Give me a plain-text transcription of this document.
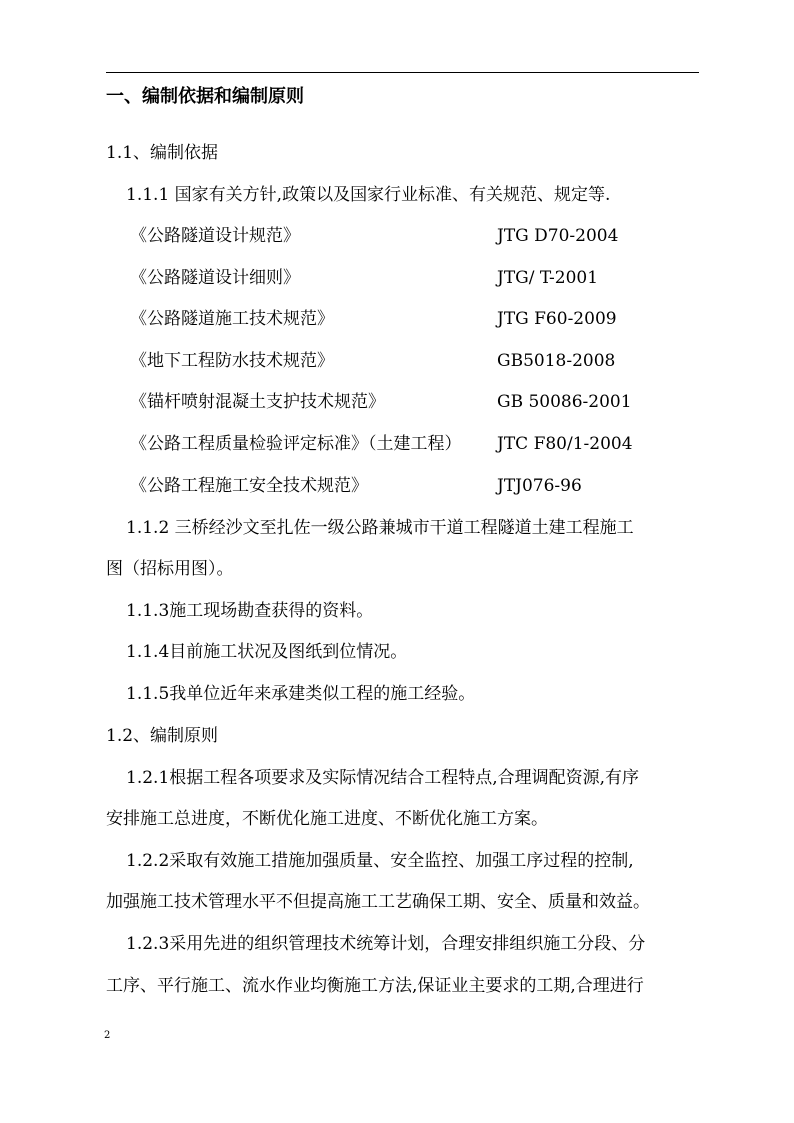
一、编制依据和编制原则
1.1、编制依据
1.1.1 国家有关方针,政策以及国家行业标准、有关规范、规定等.
《公路隧道设计规范》	JTG D70-2004
《公路隧道设计细则》	JTG/ T-2001
《公路隧道施工技术规范》	JTG F60-2009
《地下工程防水技术规范》	GB5018-2008
《锚杆喷射混凝土支护技术规范》	GB 50086-2001
《公路工程质量检验评定标准》（土建工程） JTC F80/1-2004
《公路工程施工安全技术规范》	JTJ076-96
1.1.2 三桥经沙文至扎佐一级公路兼城市干道工程隧道土建工程施工
图（招标用图）。
1.1.3施工现场勘查获得的资料。
1.1.4目前施工状况及图纸到位情况。
1.1.5我单位近年来承建类似工程的施工经验。
1.2、编制原则
1.2.1根据工程各项要求及实际情况结合工程特点,合理调配资源,有序
安排施工总进度，不断优化施工进度、不断优化施工方案。
1.2.2采取有效施工措施加强质量、安全监控、加强工序过程的控制,
加强施工技术管理水平不但提高施工工艺确保工期、安全、质量和效益。
1.2.3采用先进的组织管理技术统筹计划，合理安排组织施工分段、分
工序、平行施工、流水作业均衡施工方法,保证业主要求的工期,合理进行
2
